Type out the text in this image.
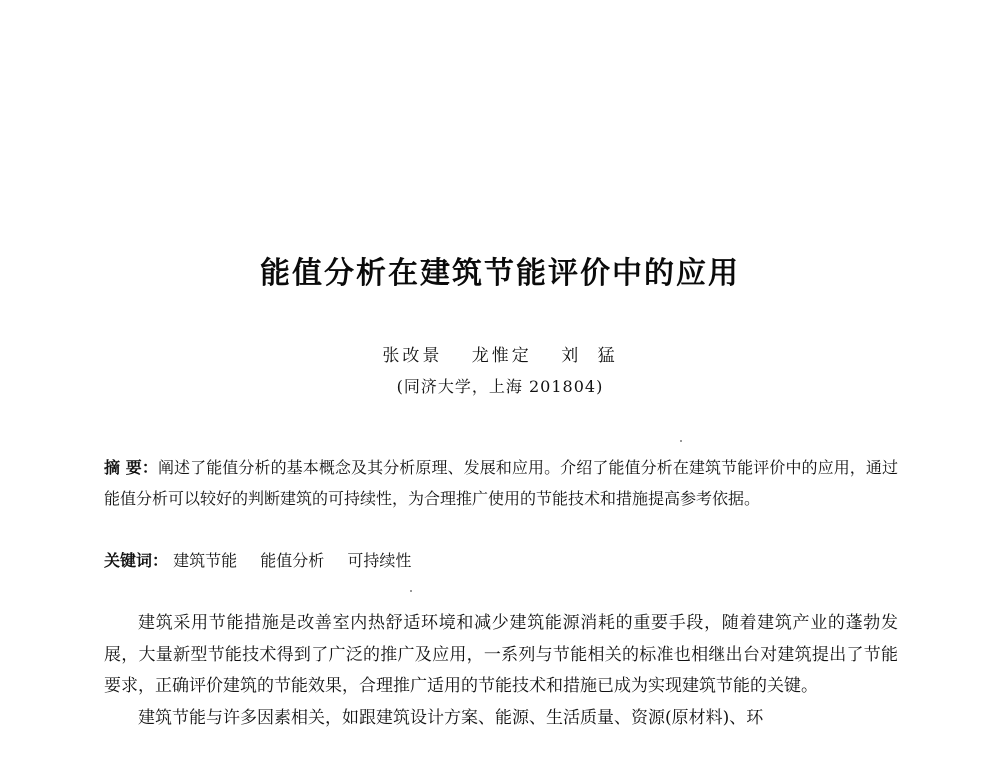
能值分析在建筑节能评价中的应用
张改景 龙惟定 刘 猛
(同济大学，上海 201804)
摘 要：阐述了能值分析的基本概念及其分析原理、发展和应用。介绍了能值分析在建筑节能评价中的应用，通过能值分析可以较好的判断建筑的可持续性，为合理推广使用的节能技术和措施提高参考依据。
关键词： 建筑节能 能值分析 可持续性

建筑采用节能措施是改善室内热舒适环境和减少建筑能源消耗的重要手段，随着建筑产业的蓬勃发展，大量新型节能技术得到了广泛的推广及应用，一系列与节能相关的标准也相继出台对建筑提出了节能要求，正确评价建筑的节能效果，合理推广适用的节能技术和措施已成为实现建筑节能的关键。

建筑节能与许多因素相关，如跟建筑设计方案、能源、生活质量、资源(原材料)、环
